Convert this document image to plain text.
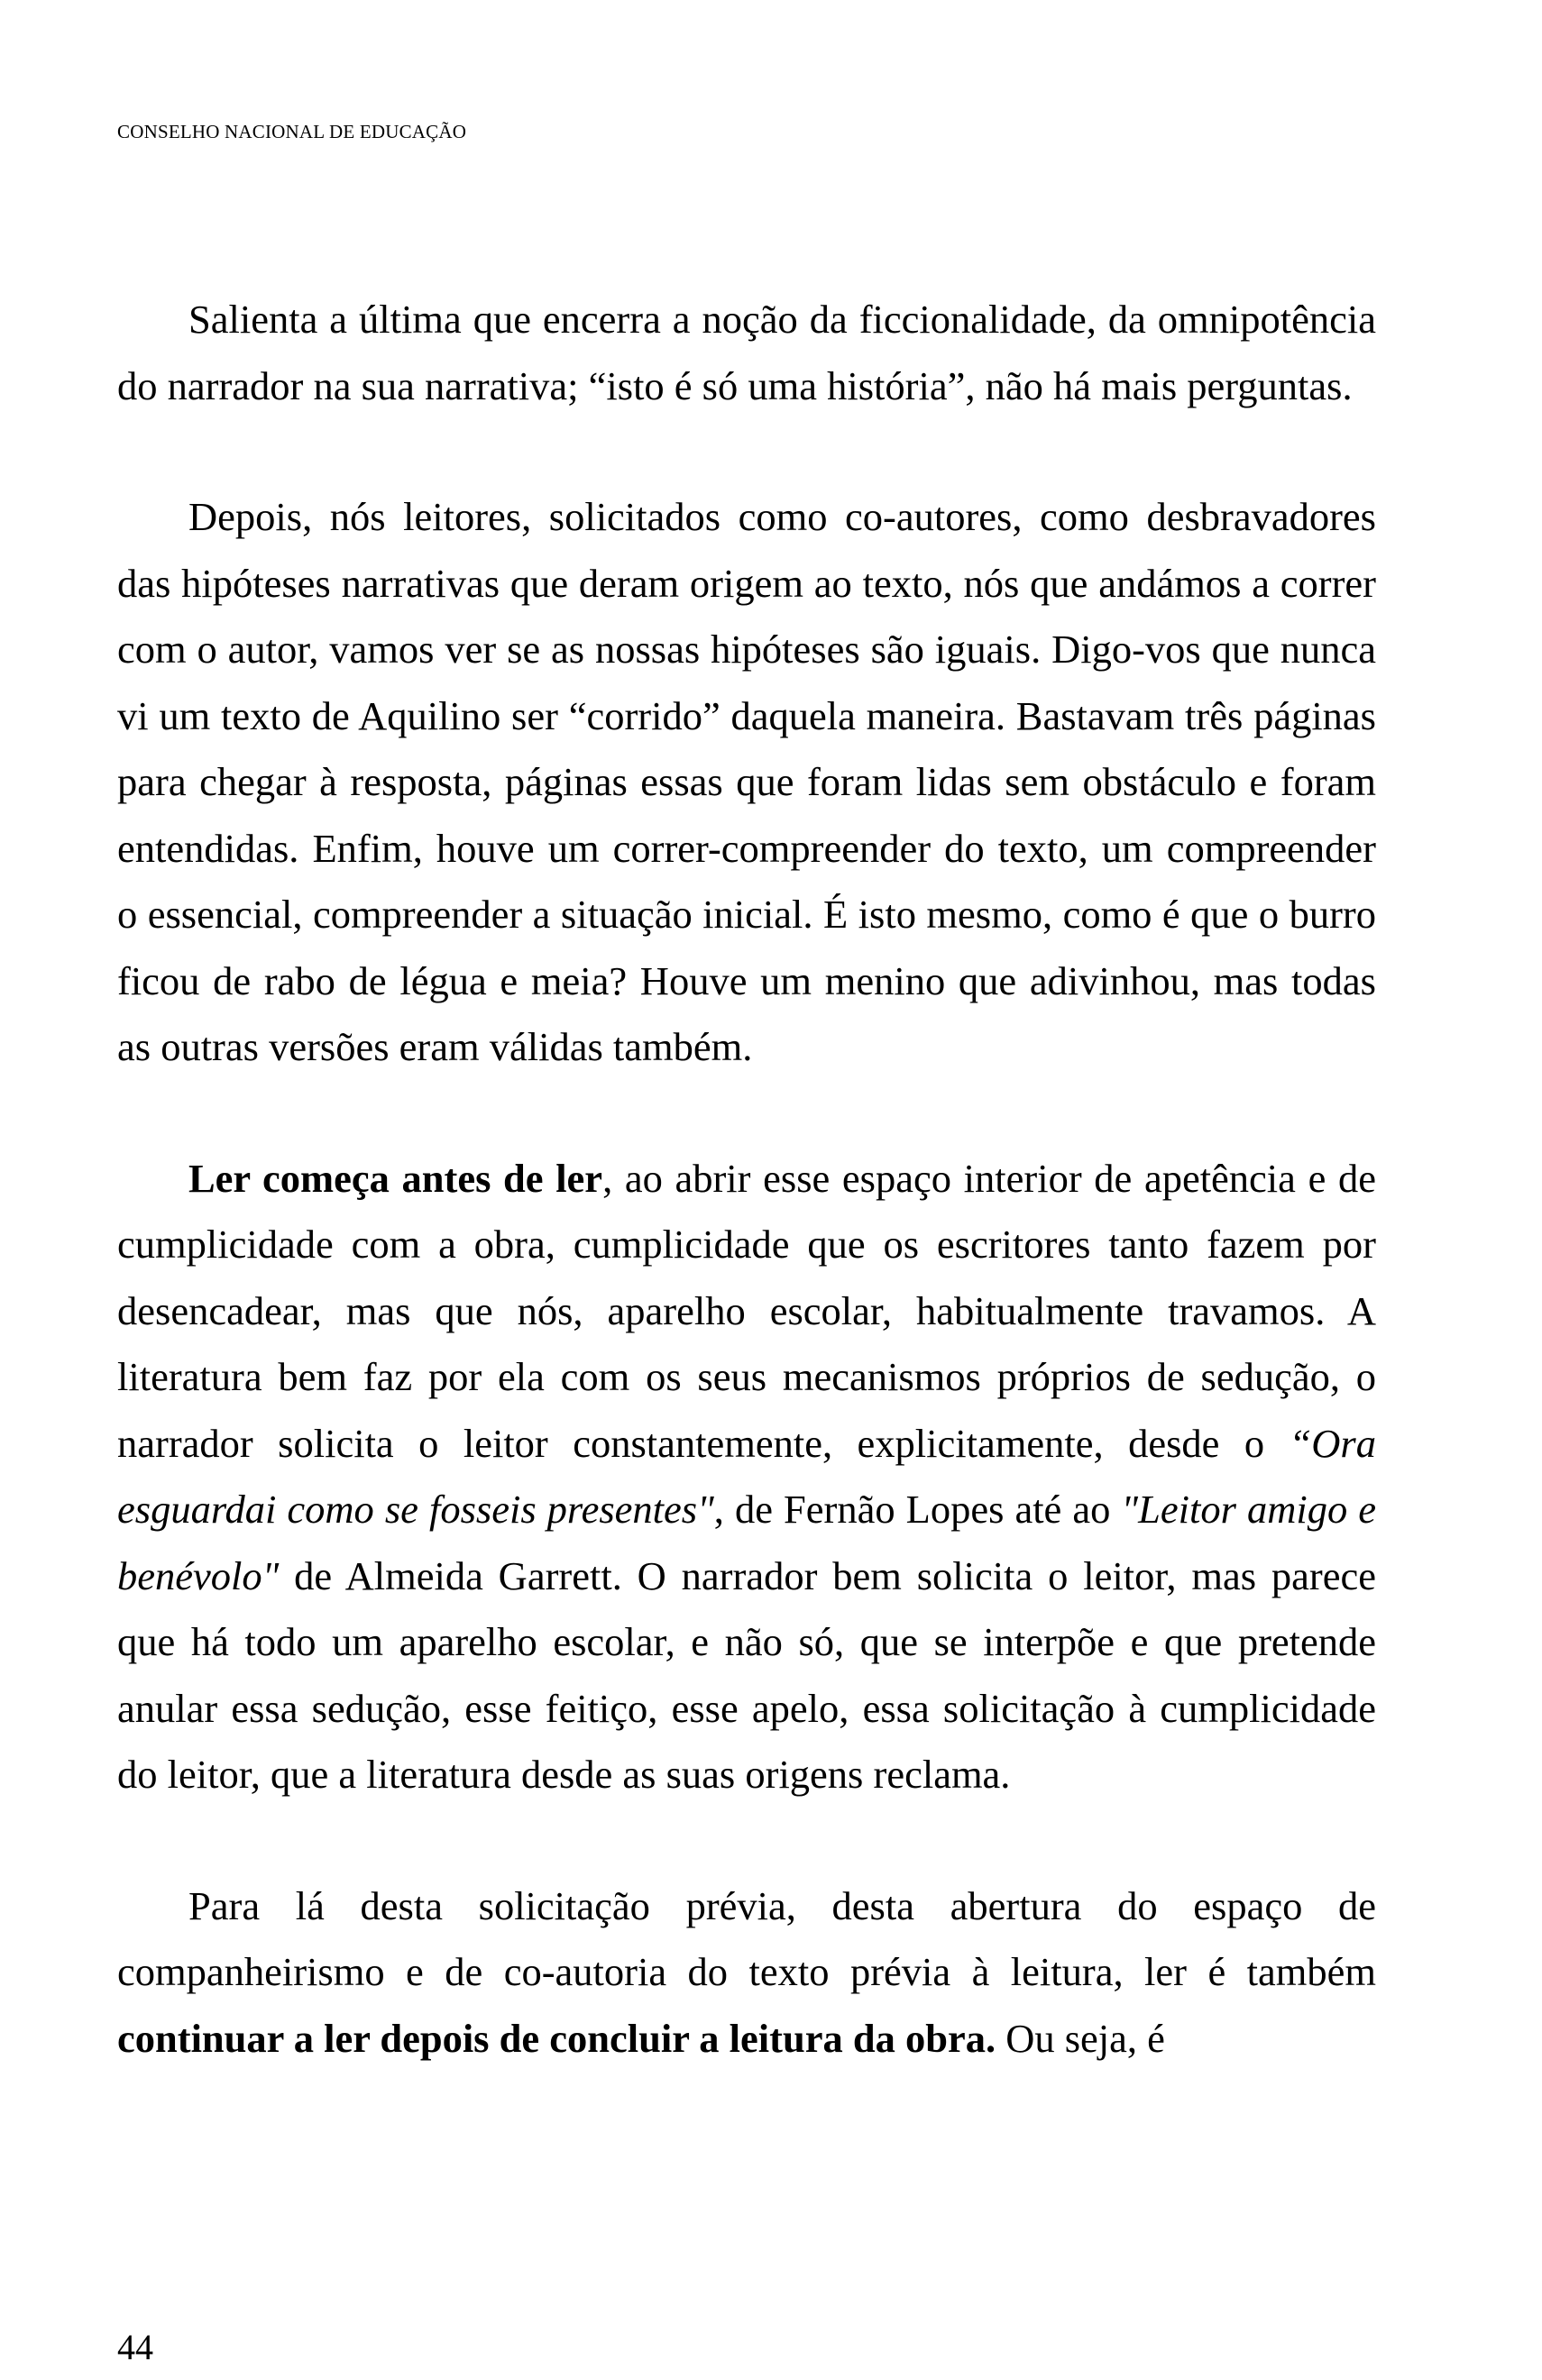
CONSELHO NACIONAL DE EDUCAÇÃO

Salienta a última que encerra a noção da ficcionalidade, da omnipotência do narrador na sua narrativa; “isto é só uma história”, não há mais perguntas.

Depois, nós leitores, solicitados como co-autores, como desbravadores das hipóteses narrativas que deram origem ao texto, nós que andámos a correr com o autor, vamos ver se as nossas hipóteses são iguais. Digo-vos que nunca vi um texto de Aquilino ser “corrido” daquela maneira. Bastavam três páginas para chegar à resposta, páginas essas que foram lidas sem obstáculo e foram entendidas. Enfim, houve um correr-compreender do texto, um compreender o essencial, compreender a situação inicial. É isto mesmo, como é que o burro ficou de rabo de légua e meia? Houve um menino que adivinhou, mas todas as outras versões eram válidas também.

Ler começa antes de ler, ao abrir esse espaço interior de apetência e de cumplicidade com a obra, cumplicidade que os escritores tanto fazem por desencadear, mas que nós, aparelho escolar, habitualmente travamos. A literatura bem faz por ela com os seus mecanismos próprios de sedução, o narrador solicita o leitor constantemente, explicitamente, desde o “Ora esguardai como se fosseis presentes", de Fernão Lopes até ao "Leitor amigo e benévolo" de Almeida Garrett. O narrador bem solicita o leitor, mas parece que há todo um aparelho escolar, e não só, que se interpõe e que pretende anular essa sedução, esse feitiço, esse apelo, essa solicitação à cumplicidade do leitor, que a literatura desde as suas origens reclama.

Para lá desta solicitação prévia, desta abertura do espaço de companheirismo e de co-autoria do texto prévia à leitura, ler é também continuar a ler depois de concluir a leitura da obra. Ou seja, é

44
